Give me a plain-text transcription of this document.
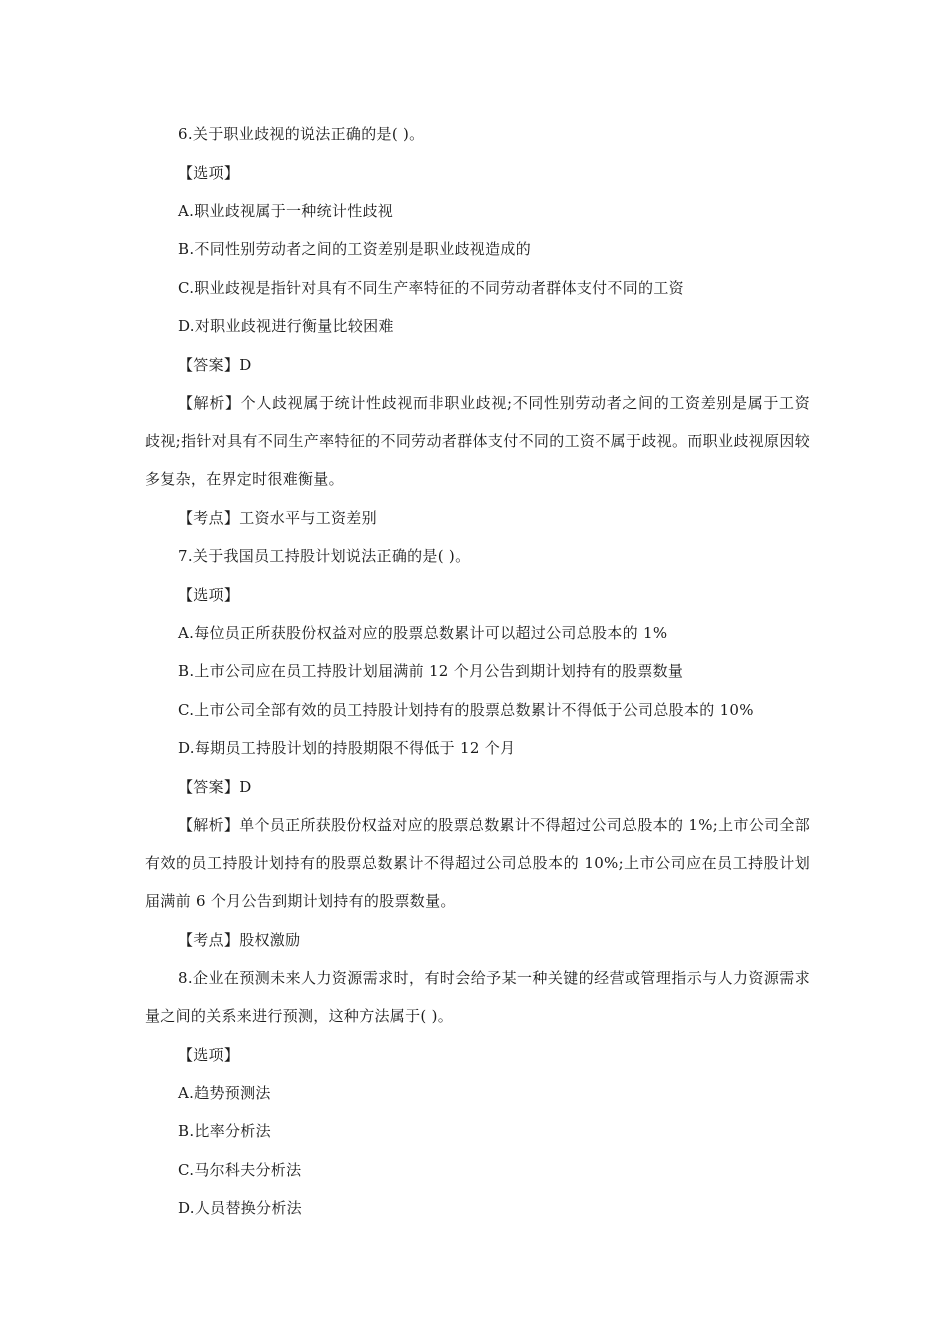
6.关于职业歧视的说法正确的是( )。
【选项】
A.职业歧视属于一种统计性歧视
B.不同性别劳动者之间的工资差别是职业歧视造成的
C.职业歧视是指针对具有不同生产率特征的不同劳动者群体支付不同的工资
D.对职业歧视进行衡量比较困难
【答案】D
【解析】个人歧视属于统计性歧视而非职业歧视;不同性别劳动者之间的工资差别是属于工资歧视;指针对具有不同生产率特征的不同劳动者群体支付不同的工资不属于歧视。而职业歧视原因较多复杂，在界定时很难衡量。
【考点】工资水平与工资差别
7.关于我国员工持股计划说法正确的是( )。
【选项】
A.每位员正所获股份权益对应的股票总数累计可以超过公司总股本的 1%
B.上市公司应在员工持股计划届满前 12 个月公告到期计划持有的股票数量
C.上市公司全部有效的员工持股计划持有的股票总数累计不得低于公司总股本的 10%
D.每期员工持股计划的持股期限不得低于 12 个月
【答案】D
【解析】单个员正所获股份权益对应的股票总数累计不得超过公司总股本的 1%;上市公司全部有效的员工持股计划持有的股票总数累计不得超过公司总股本的 10%;上市公司应在员工持股计划届满前 6 个月公告到期计划持有的股票数量。
【考点】股权激励
8.企业在预测未来人力资源需求时，有时会给予某一种关键的经营或管理指示与人力资源需求量之间的关系来进行预测，这种方法属于( )。
【选项】
A.趋势预测法
B.比率分析法
C.马尔科夫分析法
D.人员替换分析法
